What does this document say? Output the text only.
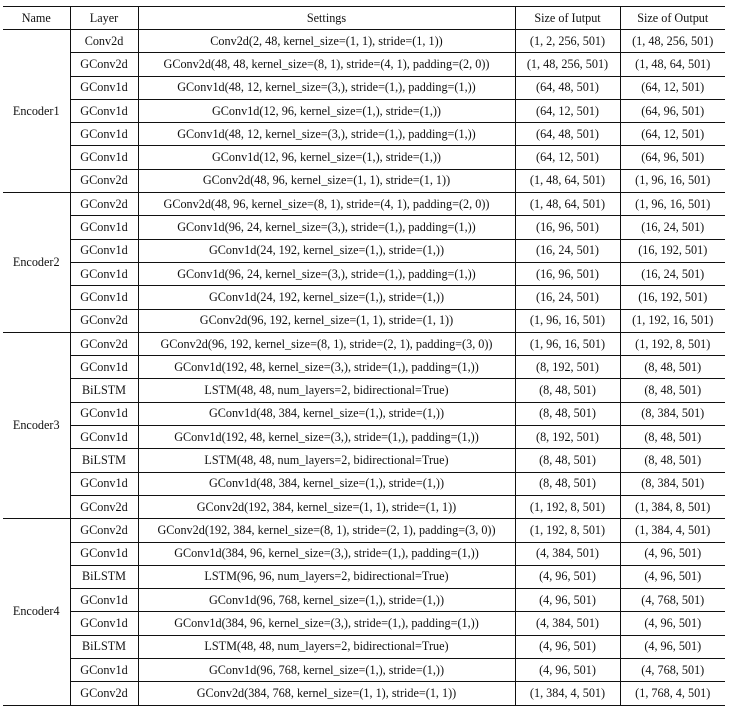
Name	Layer	Settings	Size of Iutput	Size of Output
Encoder1	Conv2d	Conv2d(2, 48, kernel_size=(1, 1), stride=(1, 1))	(1, 2, 256, 501)	(1, 48, 256, 501)
	GConv2d	GConv2d(48, 48, kernel_size=(8, 1), stride=(4, 1), padding=(2, 0))	(1, 48, 256, 501)	(1, 48, 64, 501)
	GConv1d	GConv1d(48, 12, kernel_size=(3,), stride=(1,), padding=(1,))	(64, 48, 501)	(64, 12, 501)
	GConv1d	GConv1d(12, 96, kernel_size=(1,), stride=(1,))	(64, 12, 501)	(64, 96, 501)
	GConv1d	GConv1d(48, 12, kernel_size=(3,), stride=(1,), padding=(1,))	(64, 48, 501)	(64, 12, 501)
	GConv1d	GConv1d(12, 96, kernel_size=(1,), stride=(1,))	(64, 12, 501)	(64, 96, 501)
	GConv2d	GConv2d(48, 96, kernel_size=(1, 1), stride=(1, 1))	(1, 48, 64, 501)	(1, 96, 16, 501)
Encoder2	GConv2d	GConv2d(48, 96, kernel_size=(8, 1), stride=(4, 1), padding=(2, 0))	(1, 48, 64, 501)	(1, 96, 16, 501)
	GConv1d	GConv1d(96, 24, kernel_size=(3,), stride=(1,), padding=(1,))	(16, 96, 501)	(16, 24, 501)
	GConv1d	GConv1d(24, 192, kernel_size=(1,), stride=(1,))	(16, 24, 501)	(16, 192, 501)
	GConv1d	GConv1d(96, 24, kernel_size=(3,), stride=(1,), padding=(1,))	(16, 96, 501)	(16, 24, 501)
	GConv1d	GConv1d(24, 192, kernel_size=(1,), stride=(1,))	(16, 24, 501)	(16, 192, 501)
	GConv2d	GConv2d(96, 192, kernel_size=(1, 1), stride=(1, 1))	(1, 96, 16, 501)	(1, 192, 16, 501)
Encoder3	GConv2d	GConv2d(96, 192, kernel_size=(8, 1), stride=(2, 1), padding=(3, 0))	(1, 96, 16, 501)	(1, 192, 8, 501)
	GConv1d	GConv1d(192, 48, kernel_size=(3,), stride=(1,), padding=(1,))	(8, 192, 501)	(8, 48, 501)
	BiLSTM	LSTM(48, 48, num_layers=2, bidirectional=True)	(8, 48, 501)	(8, 48, 501)
	GConv1d	GConv1d(48, 384, kernel_size=(1,), stride=(1,))	(8, 48, 501)	(8, 384, 501)
	GConv1d	GConv1d(192, 48, kernel_size=(3,), stride=(1,), padding=(1,))	(8, 192, 501)	(8, 48, 501)
	BiLSTM	LSTM(48, 48, num_layers=2, bidirectional=True)	(8, 48, 501)	(8, 48, 501)
	GConv1d	GConv1d(48, 384, kernel_size=(1,), stride=(1,))	(8, 48, 501)	(8, 384, 501)
	GConv2d	GConv2d(192, 384, kernel_size=(1, 1), stride=(1, 1))	(1, 192, 8, 501)	(1, 384, 8, 501)
Encoder4	GConv2d	GConv2d(192, 384, kernel_size=(8, 1), stride=(2, 1), padding=(3, 0))	(1, 192, 8, 501)	(1, 384, 4, 501)
	GConv1d	GConv1d(384, 96, kernel_size=(3,), stride=(1,), padding=(1,))	(4, 384, 501)	(4, 96, 501)
	BiLSTM	LSTM(96, 96, num_layers=2, bidirectional=True)	(4, 96, 501)	(4, 96, 501)
	GConv1d	GConv1d(96, 768, kernel_size=(1,), stride=(1,))	(4, 96, 501)	(4, 768, 501)
	GConv1d	GConv1d(384, 96, kernel_size=(3,), stride=(1,), padding=(1,))	(4, 384, 501)	(4, 96, 501)
	BiLSTM	LSTM(48, 48, num_layers=2, bidirectional=True)	(4, 96, 501)	(4, 96, 501)
	GConv1d	GConv1d(96, 768, kernel_size=(1,), stride=(1,))	(4, 96, 501)	(4, 768, 501)
	GConv2d	GConv2d(384, 768, kernel_size=(1, 1), stride=(1, 1))	(1, 384, 4, 501)	(1, 768, 4, 501)
